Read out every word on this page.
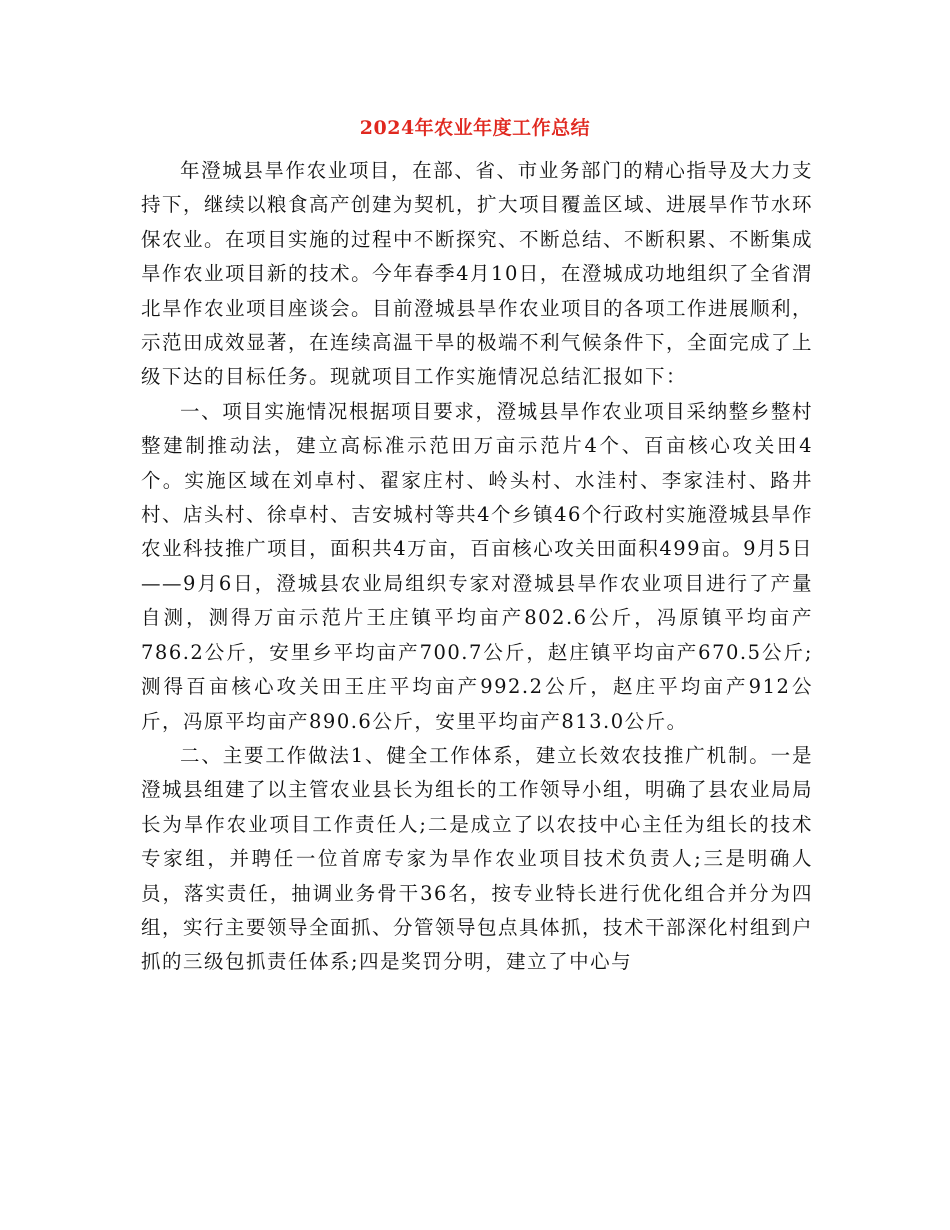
2024年农业年度工作总结

年澄城县旱作农业项目，在部、省、市业务部门的精心指导及大力支持下，继续以粮食高产创建为契机，扩大项目覆盖区域、进展旱作节水环保农业。在项目实施的过程中不断探究、不断总结、不断积累、不断集成旱作农业项目新的技术。今年春季4月10日，在澄城成功地组织了全省渭北旱作农业项目座谈会。目前澄城县旱作农业项目的各项工作进展顺利，示范田成效显著，在连续高温干旱的极端不利气候条件下，全面完成了上级下达的目标任务。现就项目工作实施情况总结汇报如下：

一、项目实施情况根据项目要求，澄城县旱作农业项目采纳整乡整村整建制推动法，建立高标准示范田万亩示范片4个、百亩核心攻关田4个。实施区域在刘卓村、翟家庄村、岭头村、水洼村、李家洼村、路井村、店头村、徐卓村、吉安城村等共4个乡镇46个行政村实施澄城县旱作农业科技推广项目，面积共4万亩，百亩核心攻关田面积499亩。9月5日——9月6日，澄城县农业局组织专家对澄城县旱作农业项目进行了产量自测，测得万亩示范片王庄镇平均亩产802.6公斤，冯原镇平均亩产786.2公斤，安里乡平均亩产700.7公斤，赵庄镇平均亩产670.5公斤;测得百亩核心攻关田王庄平均亩产992.2公斤，赵庄平均亩产912公斤，冯原平均亩产890.6公斤，安里平均亩产813.0公斤。

二、主要工作做法1、健全工作体系，建立长效农技推广机制。一是澄城县组建了以主管农业县长为组长的工作领导小组，明确了县农业局局长为旱作农业项目工作责任人;二是成立了以农技中心主任为组长的技术专家组，并聘任一位首席专家为旱作农业项目技术负责人;三是明确人员，落实责任，抽调业务骨干36名，按专业特长进行优化组合并分为四组，实行主要领导全面抓、分管领导包点具体抓，技术干部深化村组到户抓的三级包抓责任体系;四是奖罚分明，建立了中心与
